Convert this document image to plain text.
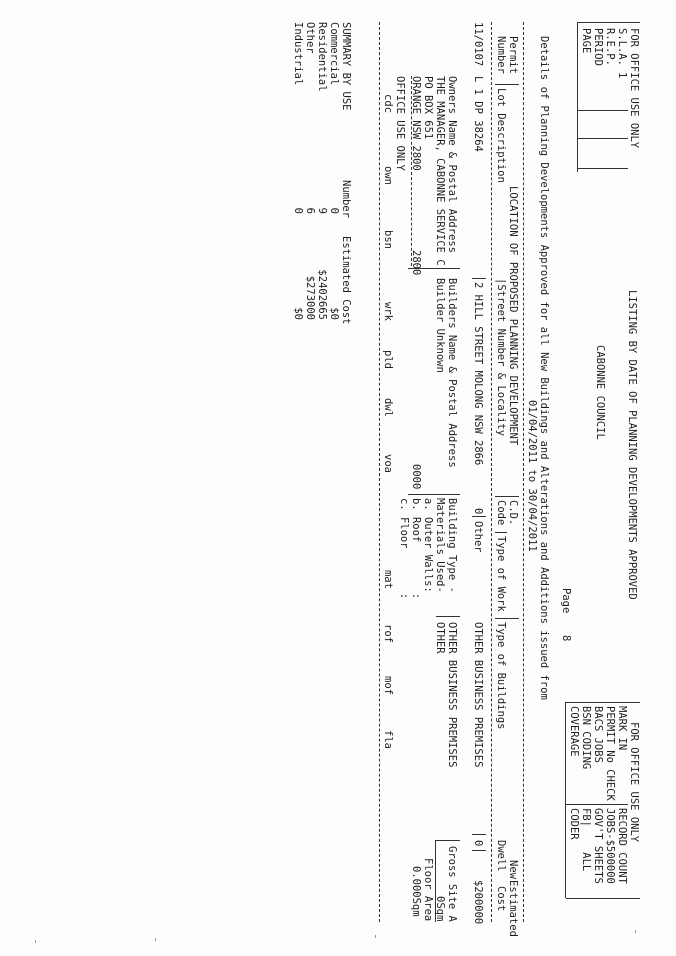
FOR OFFICE USE ONLY

S.L.A.

1

R.E.P.

PERIOD

PAGE

LISTING BY DATE OF PLANNING DEVELOPMENTS APPROVED

CABONNE COUNCIL

Page

8

FOR OFFICE USE ONLY

MARK IN

RECORD COUNT

PERMIT No CHECK

JOBS-$500000

BACS JOBS

GOV'T SHEETS

BSN CODING

FB|    ALL

COVERAGE

CODER

Details of Planning Developments Approved for all New Buildings and Alterations and Additions issued from

01/04/2011 to 30/04/2011

Permit

Number

Lot Description

LOCATION OF PROPOSED PLANNING DEVELOPMENT

|Street Number & Locality

C.D.

Code

Type of Work

Type of Buildings

New

Dwell

Estimated

Cost

11/0107

L 1 DP 38264

2 HILL STREET MOLONG NSW 2866

0

Other

OTHER BUSINESS PREMISES

0

$200000

Owners Name & Postal Address

THE MANAGER, CABONNE SERVICE C

PO BOX 651

ORANGE NSW 2800

2800

Builders Name & Postal Address

Builder Unknown

0000

Building Type -

Materials Used-

a. Outer Walls:

b. Roof        :

c. Floor       :

OTHER BUSINESS PREMISES

OTHER

Gross Site A

0Sqm

Floor Area

0.000Sqm

OFFICE USE ONLY

cdc

own

bsn

wrk

pld

dwl

voa

mat

rof

mof

fla

SUMMARY BY USE

Number

Estimated Cost

Commercial

0

$0

Residential

9

$2402665

Other

6

$273000

Industrial

0

$0
